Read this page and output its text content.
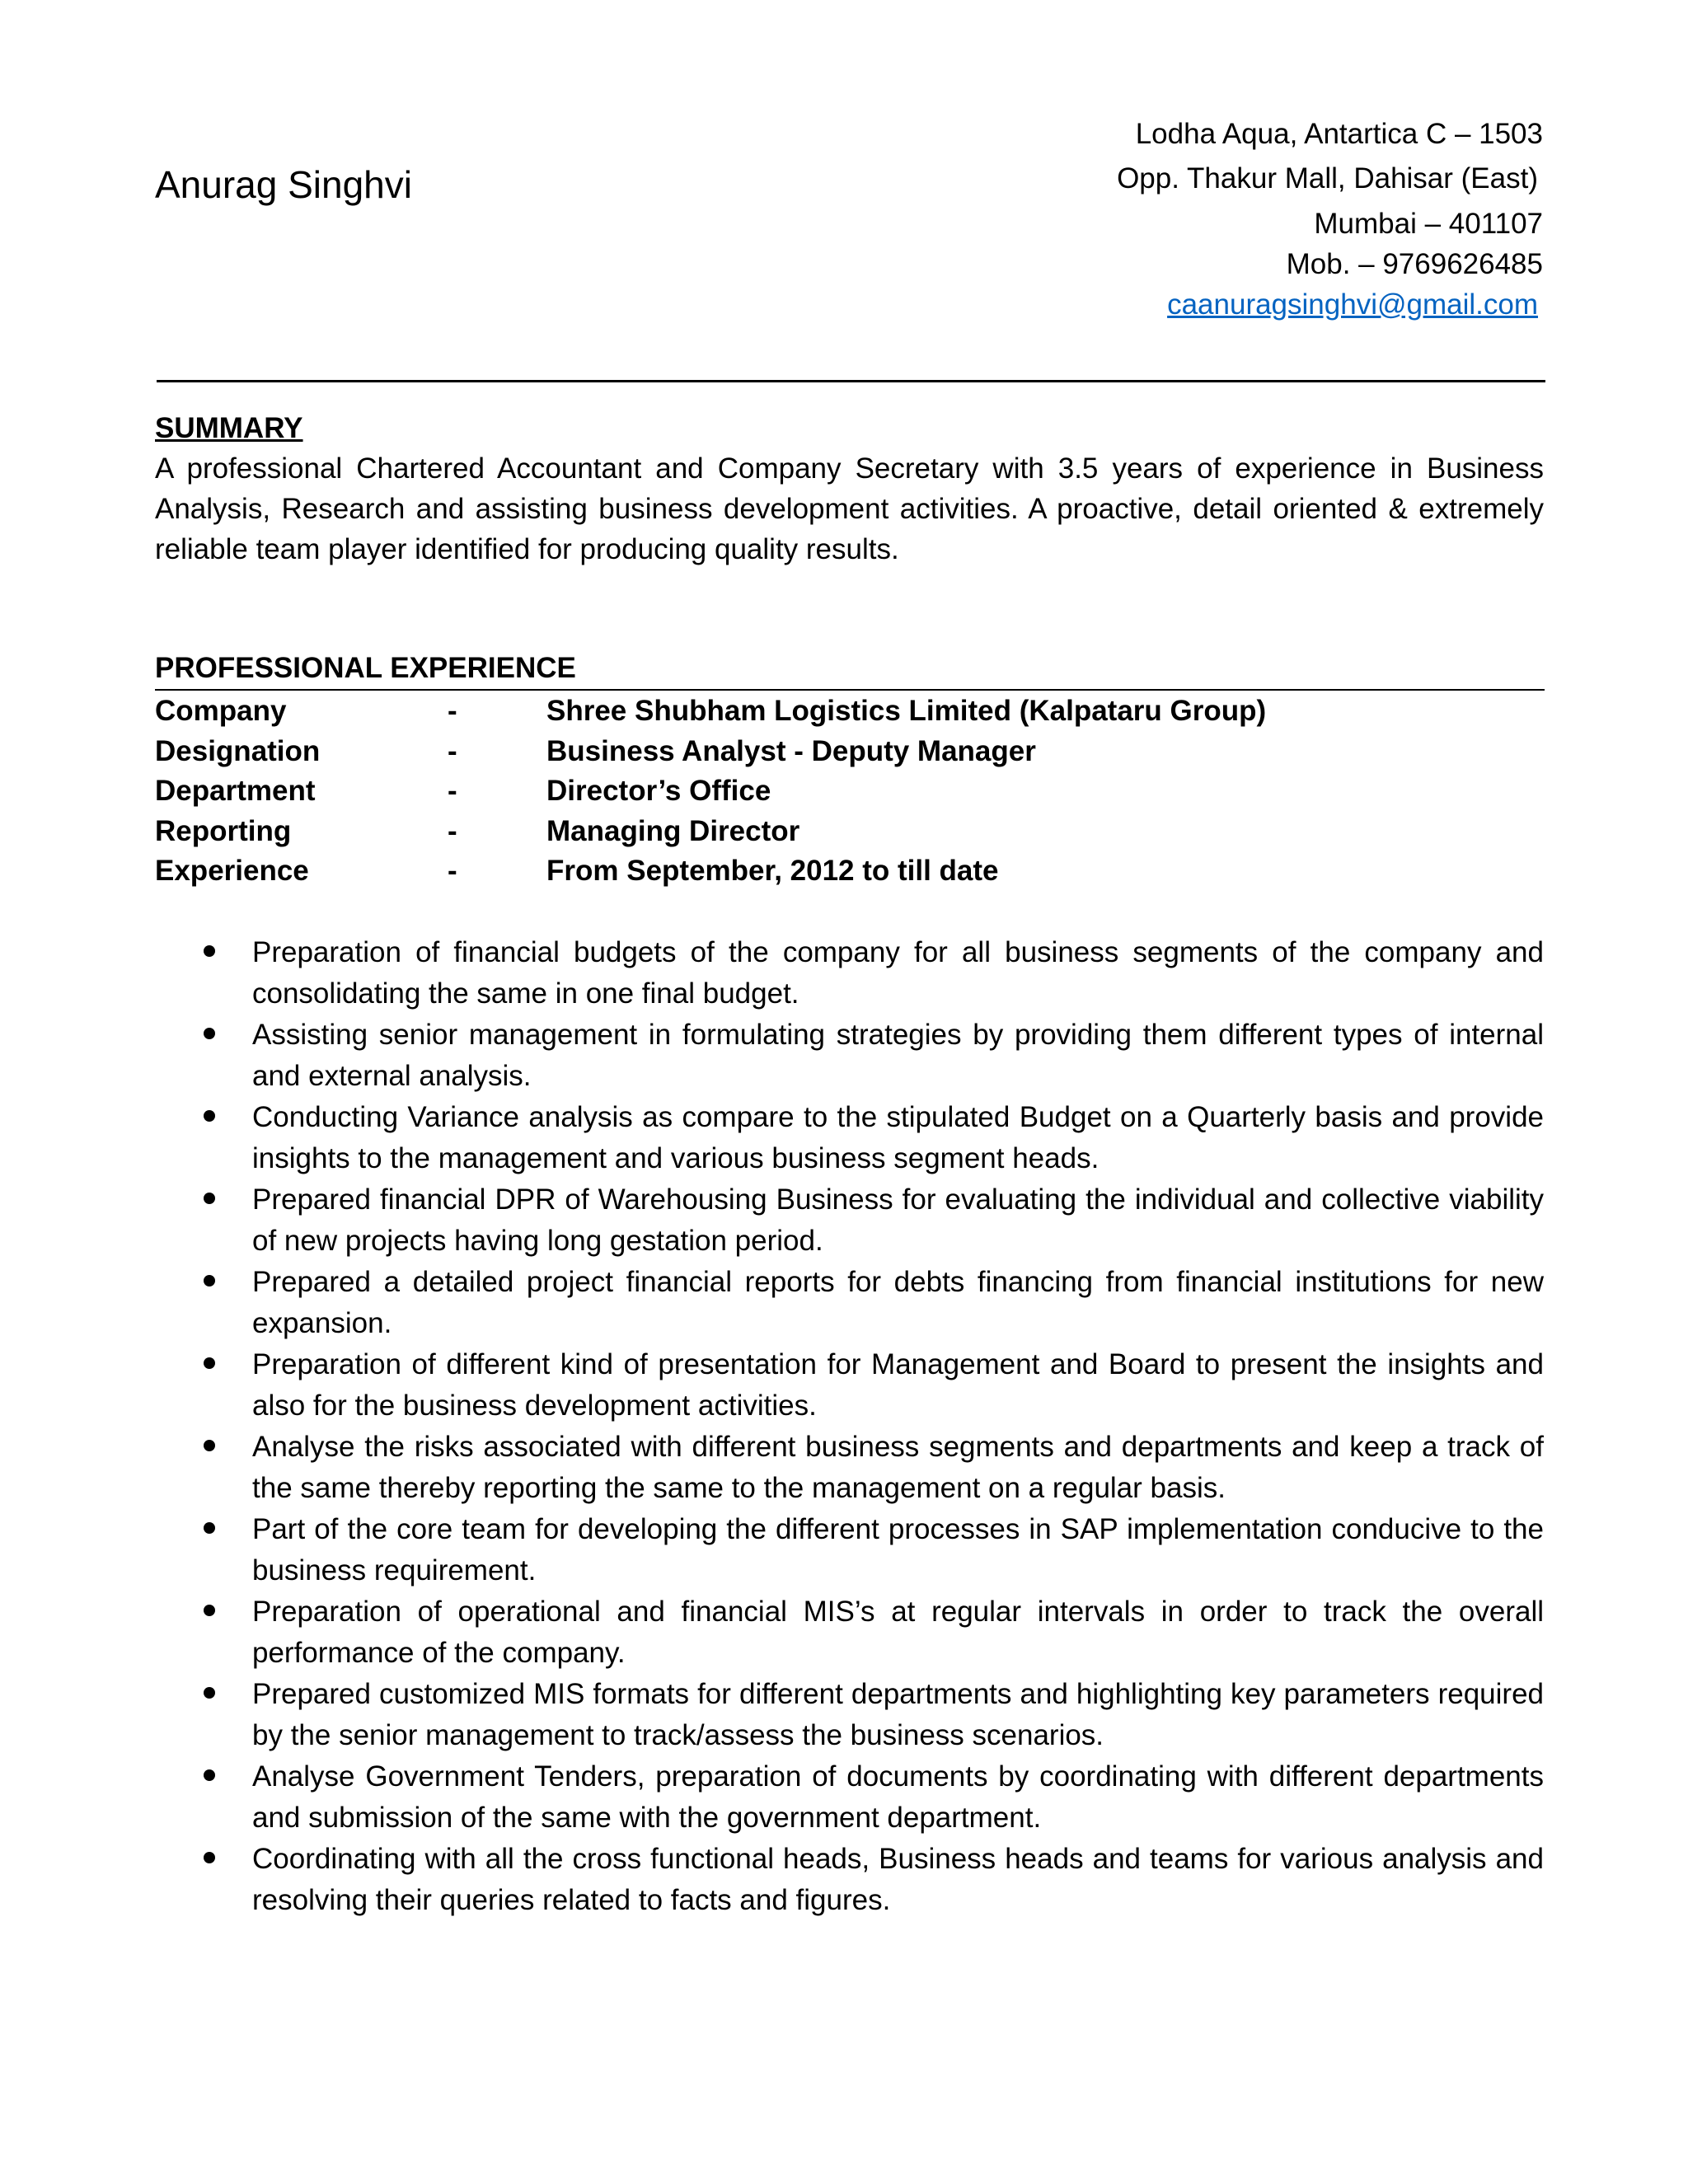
Anurag Singhvi
Lodha Aqua, Antartica C – 1503
Opp. Thakur Mall, Dahisar (East)
Mumbai – 401107
Mob. – 9769626485
caanuragsinghvi@gmail.com
SUMMARY
A professional Chartered Accountant and Company Secretary with 3.5 years of experience in Business Analysis, Research and assisting business development activities. A proactive, detail oriented & extremely reliable team player identified for producing quality results.
PROFESSIONAL EXPERIENCE
Company	-	Shree Shubham Logistics Limited (Kalpataru Group)
Designation	-	Business Analyst - Deputy Manager
Department	-	Director’s Office
Reporting	-	Managing Director
Experience	-	From September, 2012 to till date
Preparation of financial budgets of the company for all business segments of the company and consolidating the same in one final budget.
Assisting senior management in formulating strategies by providing them different types of internal and external analysis.
Conducting Variance analysis as compare to the stipulated Budget on a Quarterly basis and provide insights to the management and various business segment heads.
Prepared financial DPR of Warehousing Business for evaluating the individual and collective viability of new projects having long gestation period.
Prepared a detailed project financial reports for debts financing from financial institutions for new expansion.
Preparation of different kind of presentation for Management and Board to present the insights and also for the business development activities.
Analyse the risks associated with different business segments and departments and keep a track of the same thereby reporting the same to the management on a regular basis.
Part of the core team for developing the different processes in SAP implementation conducive to the business requirement.
Preparation of operational and financial MIS’s at regular intervals in order to track the overall performance of the company.
Prepared customized MIS formats for different departments and highlighting key parameters required by the senior management to track/assess the business scenarios.
Analyse Government Tenders, preparation of documents by coordinating with different departments and submission of the same with the government department.
Coordinating with all the cross functional heads, Business heads and teams for various analysis and resolving their queries related to facts and figures.
